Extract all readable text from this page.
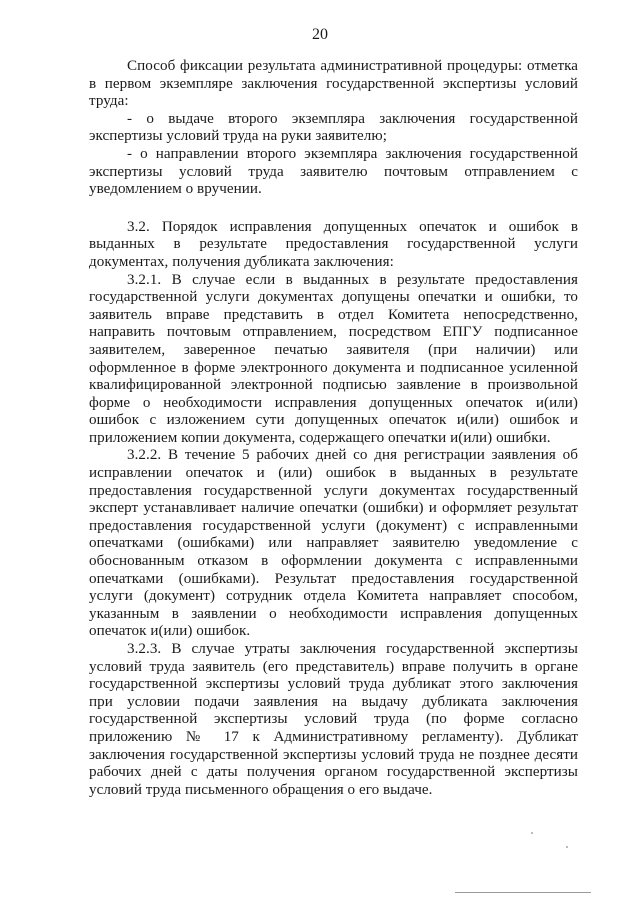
20

Способ фиксации результата административной процедуры: отметка в первом экземпляре заключения государственной экспертизы условий труда:

- о выдаче второго экземпляра заключения государственной экспертизы условий труда на руки заявителю;

- о направлении второго экземпляра заключения государственной экспертизы условий труда заявителю почтовым отправлением с уведомлением о вручении.

3.2. Порядок исправления допущенных опечаток и ошибок в выданных в результате предоставления государственной услуги документах, получения дубликата заключения:

3.2.1. В случае если в выданных в результате предоставления государственной услуги документах допущены опечатки и ошибки, то заявитель вправе представить в отдел Комитета непосредственно, направить почтовым отправлением, посредством ЕПГУ подписанное заявителем, заверенное печатью заявителя (при наличии) или оформленное в форме электронного документа и подписанное усиленной квалифицированной электронной подписью заявление в произвольной форме о необходимости исправления допущенных опечаток и(или) ошибок с изложением сути допущенных опечаток и(или) ошибок и приложением копии документа, содержащего опечатки и(или) ошибки.

3.2.2. В течение 5 рабочих дней со дня регистрации заявления об исправлении опечаток и (или) ошибок в выданных в результате предоставления государственной услуги документах государственный эксперт устанавливает наличие опечатки (ошибки) и оформляет результат предоставления государственной услуги (документ) с исправленными опечатками (ошибками) или направляет заявителю уведомление с обоснованным отказом в оформлении документа с исправленными опечатками (ошибками). Результат предоставления государственной услуги (документ) сотрудник отдела Комитета направляет способом, указанным в заявлении о необходимости исправления допущенных опечаток и(или) ошибок.

3.2.3. В случае утраты заключения государственной экспертизы условий труда заявитель (его представитель) вправе получить в органе государственной экспертизы условий труда дубликат этого заключения при условии подачи заявления на выдачу дубликата заключения государственной экспертизы условий труда (по форме согласно приложению № 17 к Административному регламенту). Дубликат заключения государственной экспертизы условий труда не позднее десяти рабочих дней с даты получения органом государственной экспертизы условий труда письменного обращения о его выдаче.
